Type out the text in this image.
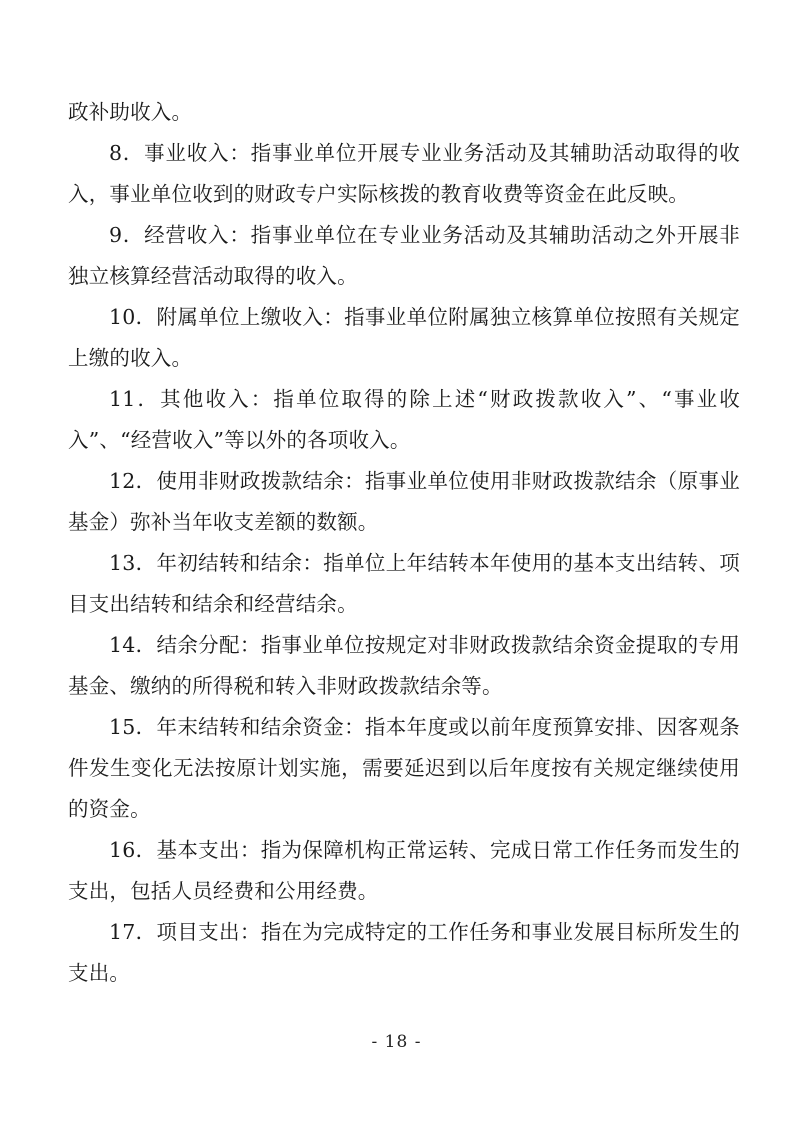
政补助收入。

8．事业收入：指事业单位开展专业业务活动及其辅助活动取得的收入，事业单位收到的财政专户实际核拨的教育收费等资金在此反映。

9．经营收入：指事业单位在专业业务活动及其辅助活动之外开展非独立核算经营活动取得的收入。

10．附属单位上缴收入：指事业单位附属独立核算单位按照有关规定上缴的收入。

11．其他收入：指单位取得的除上述“财政拨款收入”、“事业收入”、“经营收入”等以外的各项收入。

12．使用非财政拨款结余：指事业单位使用非财政拨款结余（原事业基金）弥补当年收支差额的数额。

13．年初结转和结余：指单位上年结转本年使用的基本支出结转、项目支出结转和结余和经营结余。

14．结余分配：指事业单位按规定对非财政拨款结余资金提取的专用基金、缴纳的所得税和转入非财政拨款结余等。

15．年末结转和结余资金：指本年度或以前年度预算安排、因客观条件发生变化无法按原计划实施，需要延迟到以后年度按有关规定继续使用的资金。

16．基本支出：指为保障机构正常运转、完成日常工作任务而发生的支出，包括人员经费和公用经费。

17．项目支出：指在为完成特定的工作任务和事业发展目标所发生的支出。

- 18 -
